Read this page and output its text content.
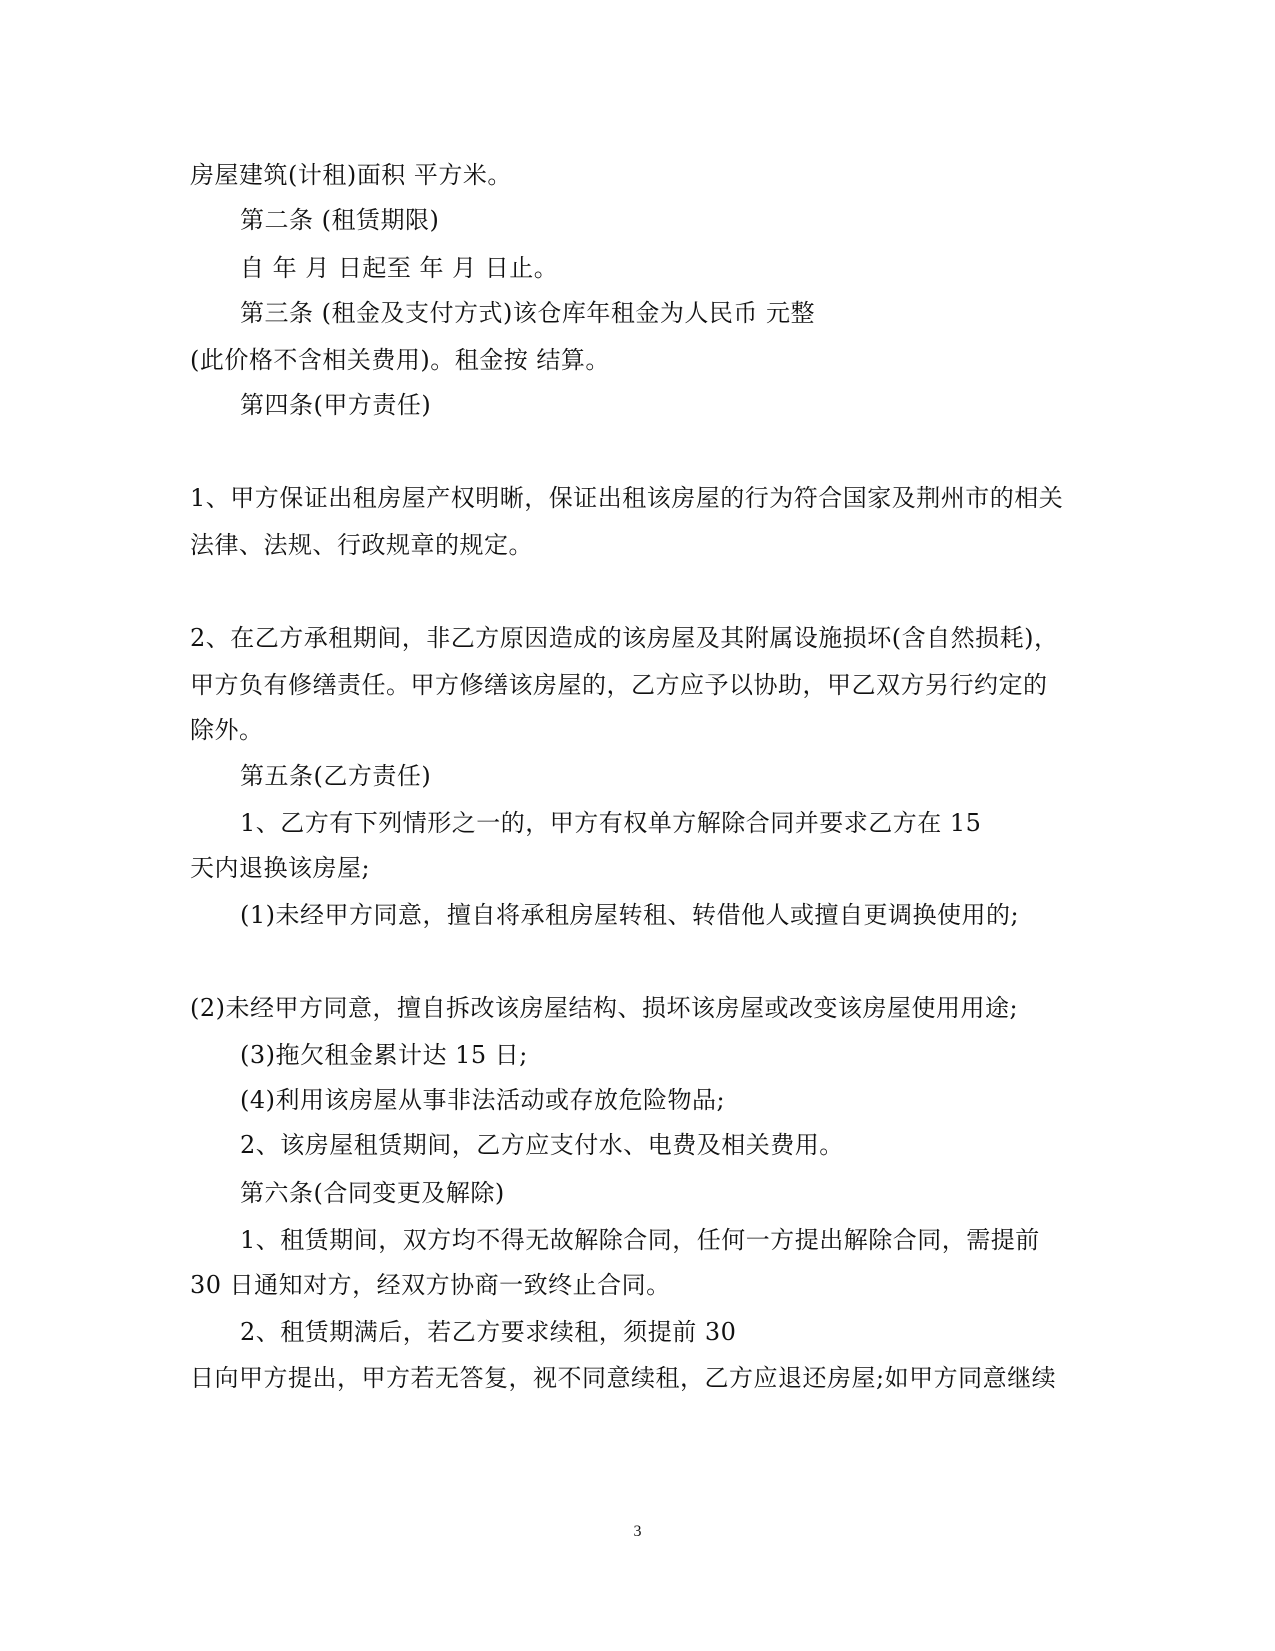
房屋建筑(计租)面积 平方米。
第二条 (租赁期限)
自 年 月 日起至 年 月 日止。
第三条 (租金及支付方式)该仓库年租金为人民币 元整
(此价格不含相关费用)。租金按 结算。
第四条(甲方责任)
1、甲方保证出租房屋产权明晰，保证出租该房屋的行为符合国家及荆州市的相关
法律、法规、行政规章的规定。
2、在乙方承租期间，非乙方原因造成的该房屋及其附属设施损坏(含自然损耗)，
甲方负有修缮责任。甲方修缮该房屋的，乙方应予以协助，甲乙双方另行约定的
除外。
第五条(乙方责任)
1、乙方有下列情形之一的，甲方有权单方解除合同并要求乙方在 15
天内退换该房屋;
(1)未经甲方同意，擅自将承租房屋转租、转借他人或擅自更调换使用的;
(2)未经甲方同意，擅自拆改该房屋结构、损坏该房屋或改变该房屋使用用途;
(3)拖欠租金累计达 15 日;
(4)利用该房屋从事非法活动或存放危险物品;
2、该房屋租赁期间，乙方应支付水、电费及相关费用。
第六条(合同变更及解除)
1、租赁期间，双方均不得无故解除合同，任何一方提出解除合同，需提前
30 日通知对方，经双方协商一致终止合同。
2、租赁期满后，若乙方要求续租，须提前 30
日向甲方提出，甲方若无答复，视不同意续租，乙方应退还房屋;如甲方同意继续
3
